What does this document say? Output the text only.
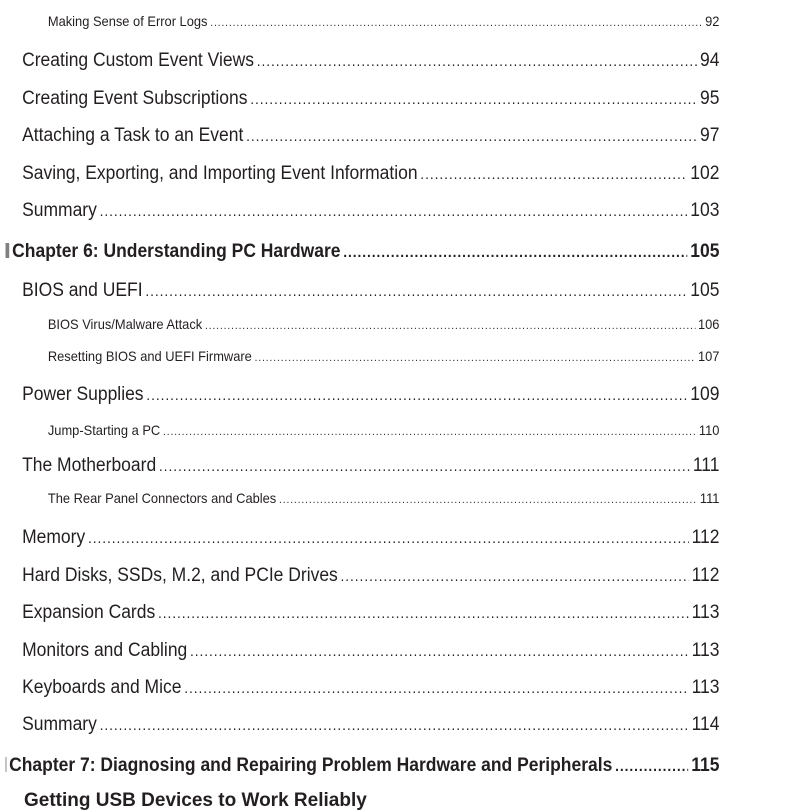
Getting USB Devices to Work Reliably
Making Sense of Error Logs .....	92
Creating Custom Event Views .....	94
Creating Event Subscriptions .....	95
Attaching a Task to an Event .....	97
Saving, Exporting, and Importing Event Information .....	102
Summary .....	103
Chapter 6: Understanding PC Hardware .....	105
BIOS and UEFI .....	105
BIOS Virus/Malware Attack .....	106
Resetting BIOS and UEFI Firmware .....	107
Power Supplies .....	109
Jump-Starting a PC .....	110
The Motherboard .....	111
The Rear Panel Connectors and Cables .....	111
Memory .....	112
Hard Disks, SSDs, M.2, and PCIe Drives .....	112
Expansion Cards .....	113
Monitors and Cabling .....	113
Keyboards and Mice .....	113
Summary .....	114
Chapter 7: Diagnosing and Repairing Problem Hardware and Peripherals .....	115
